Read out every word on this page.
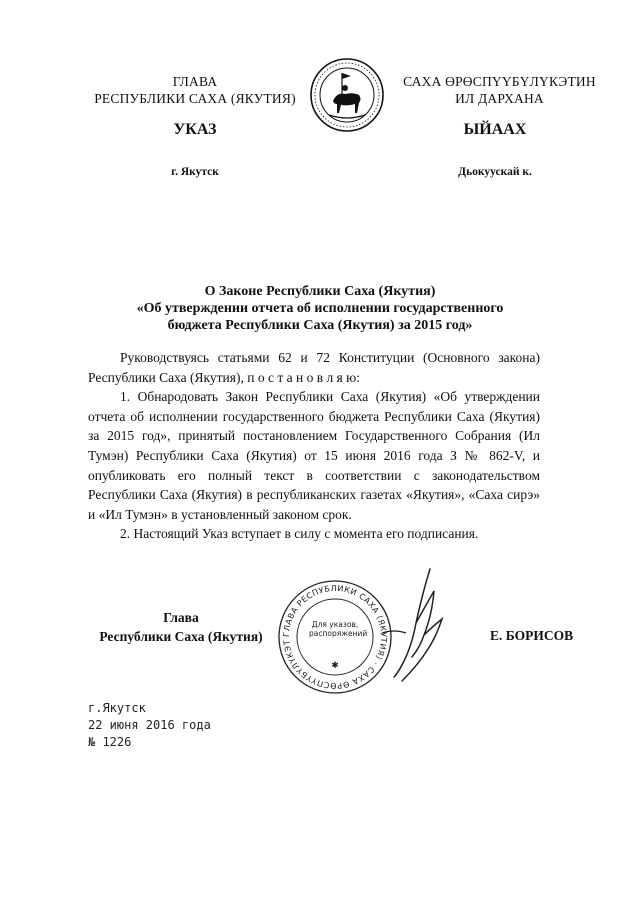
ГЛАВА
РЕСПУБЛИКИ САХА (ЯКУТИЯ)
САХА ӨРӨСПҮҮБҮЛҮКЭТИН
ИЛ ДАРХАНА
УКАЗ	ЫЙААХ
г. Якутск	Дьокуускай к.
О Законе Республики Саха (Якутия)
«Об утверждении отчета об исполнении государственного
бюджета Республики Саха (Якутия) за 2015 год»

Руководствуясь статьями 62 и 72 Конституции (Основного закона) Республики Саха (Якутия), п о с т а н о в л я ю:

1. Обнародовать Закон Республики Саха (Якутия) «Об утверждении отчета об исполнении государственного бюджета Республики Саха (Якутия) за 2015 год», принятый постановлением Государственного Собрания (Ил Тумэн) Республики Саха (Якутия) от 15 июня 2016 года З № 862-V, и опубликовать его полный текст в соответствии с законодательством Республики Саха (Якутия) в республиканских газетах «Якутия», «Саха сирэ» и «Ил Тумэн» в установленный законом срок.

2. Настоящий Указ вступает в силу с момента его подписания.

Глава
Республики Саха (Якутия)	ГЛАВА РЕСПУБЛИКИ САХА (ЯКУТИЯ) · САХА ӨРӨСПҮҮБҮЛҮКЭТ
Для указов, распоряжений
✱
Е. БОРИСОВ
г.Якутск
22 июня 2016 года
№ 1226
